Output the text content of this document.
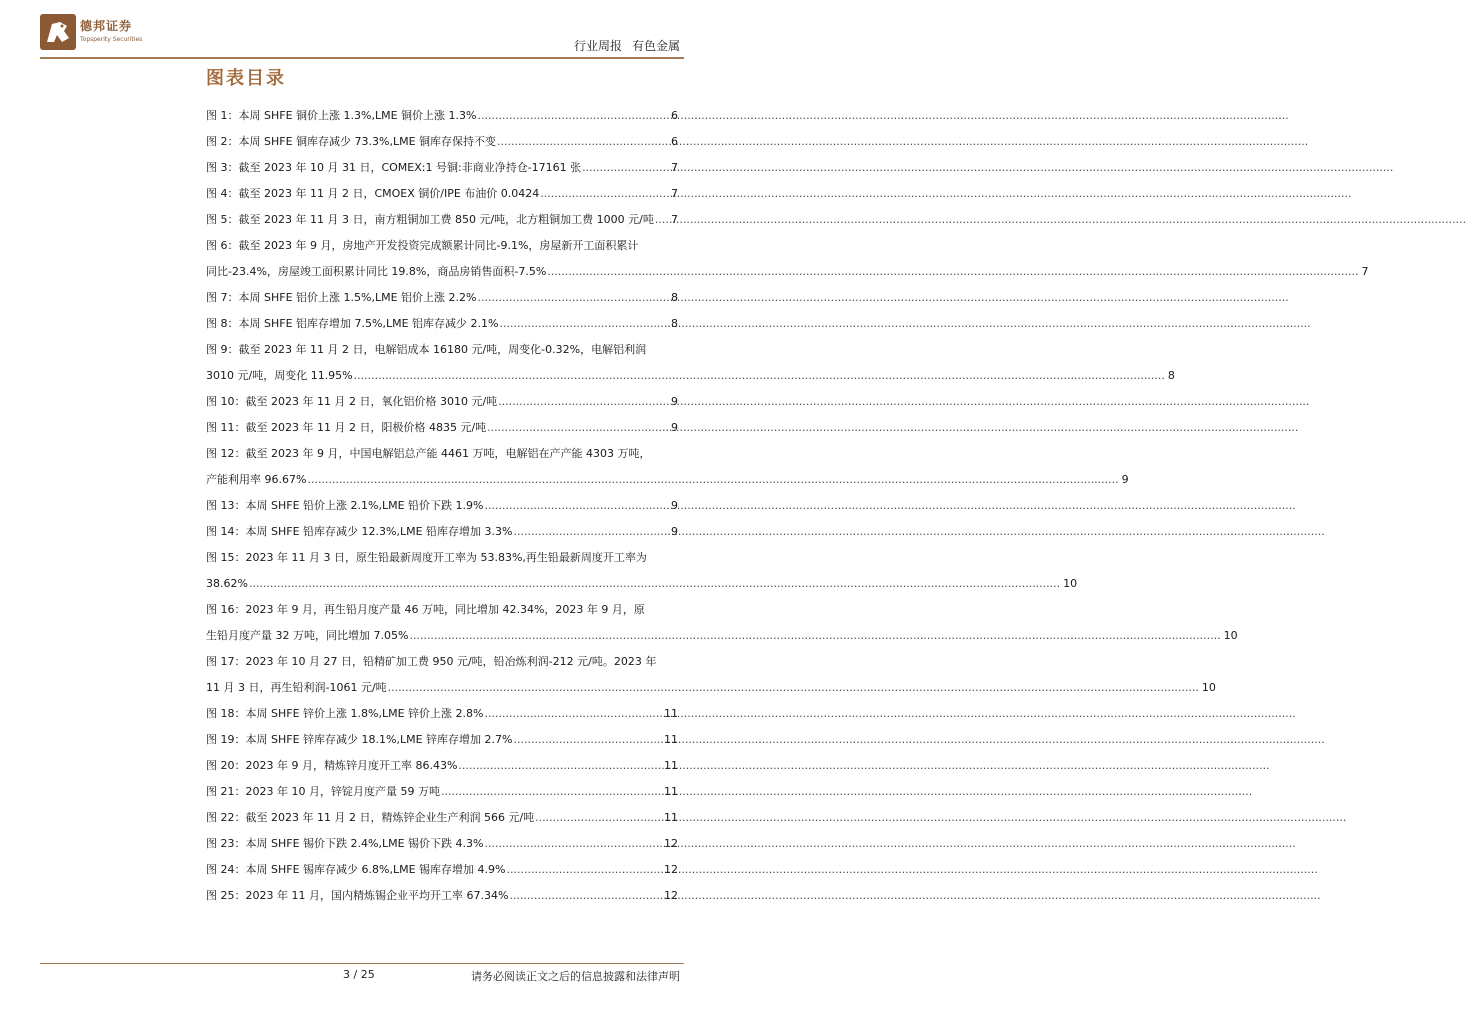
德邦证券
Topsperity Securities	行业周报 有色金属
图表目录
图 1： 本周 SHFE 铜价上涨 1.3%,LME 铜价上涨 1.3% .....	6
图 2： 本周 SHFE 铜库存减少 73.3%,LME 铜库存保持不变 .....	6
图 3： 截至 2023 年 10 月 31 日，COMEX:1 号铜:非商业净持仓-17161 张 .....	7
图 4： 截至 2023 年 11 月 2 日，CMOEX 铜价/IPE 布油价 0.0424 .....	7
图 5： 截至 2023 年 11 月 3 日，南方粗铜加工费 850 元/吨，北方粗铜加工费 1000 元/吨 ..... 7
图 6： 截至 2023 年 9 月，房地产开发投资完成额累计同比-9.1%，房屋新开工面积累计
同比-23.4%，房屋竣工面积累计同比 19.8%，商品房销售面积-7.5% .....	7
图 7： 本周 SHFE 铝价上涨 1.5%,LME 铝价上涨 2.2% .....	8
图 8： 本周 SHFE 铝库存增加 7.5%,LME 铝库存减少 2.1% .....	8
图 9： 截至 2023 年 11 月 2 日，电解铝成本 16180 元/吨，周变化-0.32%，电解铝利润
3010 元/吨，周变化 11.95% .....	8
图 10： 截至 2023 年 11 月 2 日，氧化铝价格 3010 元/吨 .....	9
图 11： 截至 2023 年 11 月 2 日，阳极价格 4835 元/吨 .....	9
图 12： 截至 2023 年 9 月，中国电解铝总产能 4461 万吨，电解铝在产产能 4303 万吨，
产能利用率 96.67% .....	9
图 13： 本周 SHFE 铅价上涨 2.1%,LME 铅价下跌 1.9% .....	9
图 14： 本周 SHFE 铅库存减少 12.3%,LME 铅库存增加 3.3% .....	9
图 15： 2023 年 11 月 3 日，原生铅最新周度开工率为 53.83%,再生铅最新周度开工率为
38.62% .....	10
图 16： 2023 年 9 月，再生铅月度产量 46 万吨，同比增加 42.34%，2023 年 9 月，原
生铅月度产量 32 万吨，同比增加 7.05% .....	10
图 17： 2023 年 10 月 27 日，铅精矿加工费 950 元/吨，铅冶炼利润-212 元/吨。2023 年
11 月 3 日，再生铅利润-1061 元/吨 .....	10
图 18： 本周 SHFE 锌价上涨 1.8%,LME 锌价上涨 2.8% .....	11
图 19： 本周 SHFE 锌库存减少 18.1%,LME 锌库存增加 2.7% .....	11
图 20： 2023 年 9 月，精炼锌月度开工率 86.43% .....	11
图 21： 2023 年 10 月，锌锭月度产量 59 万吨 .....	11
图 22： 截至 2023 年 11 月 2 日，精炼锌企业生产利润 566 元/吨 .....	11
图 23： 本周 SHFE 锡价下跌 2.4%,LME 锡价下跌 4.3% .....	12
图 24： 本周 SHFE 锡库存减少 6.8%,LME 锡库存增加 4.9% .....	12
图 25： 2023 年 11 月，国内精炼锡企业平均开工率 67.34% .....	12
3 / 25	请务必阅读正文之后的信息披露和法律声明
